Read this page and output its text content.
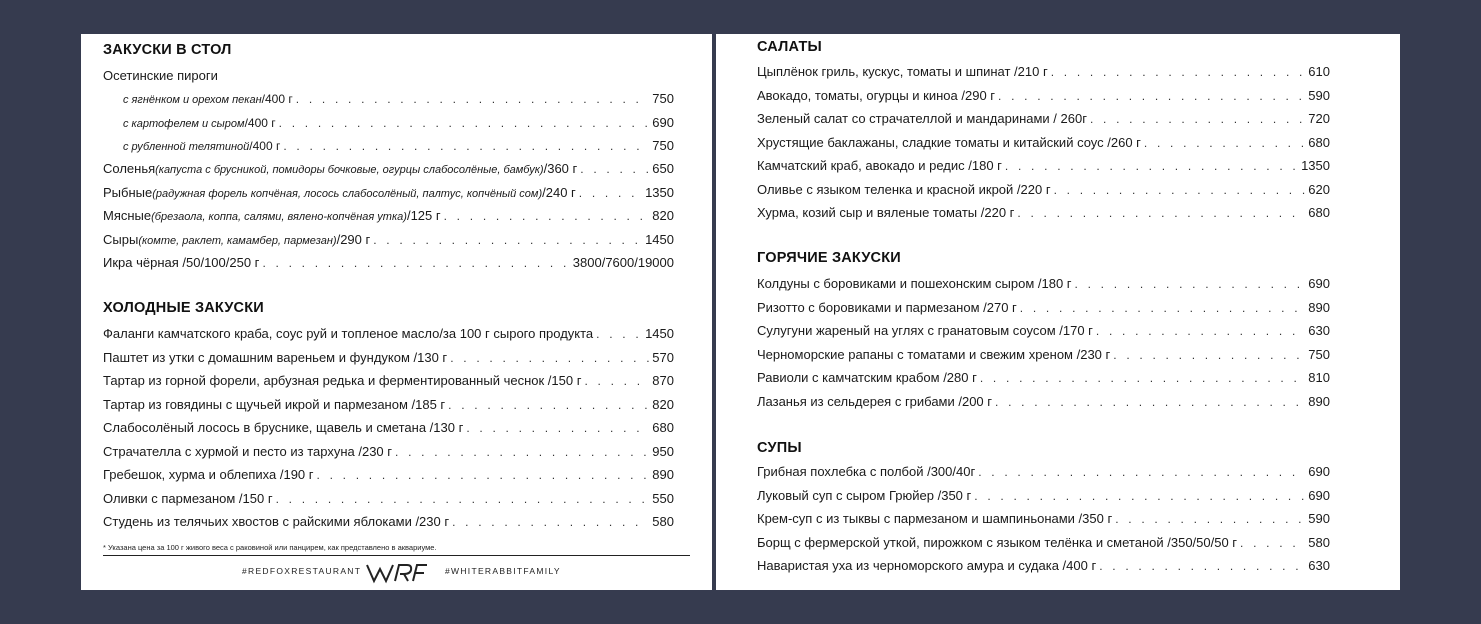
ЗАКУСКИ В СТОЛ
Осетинские пироги
с ягнёнком и орехом пекан /400 г . . .	750
с картофелем и сыром /400 г . . .	690
с рубленной телятиной /400 г . . .	750
Соленья (капуста с брусникой, помидоры бочковые, огурцы слабосолёные, бамбук) /360 г . . .	650
Рыбные (радужная форель копчёная, лосось слабосолёный, палтус, копчёный сом) /240 г . . .	1350
Мясные (брезаола, коппа, салями, вяленo-копчёная утка) /125 г . . .	820
Сыры (комте, раклет, камамбер, пармезан) /290 г . . .	1450
Икра чёрная /50/100/250 г . . .	3800/7600/19000
ХОЛОДНЫЕ ЗАКУСКИ
Фаланги камчатского краба, соус руй и топленое масло /за 100 г сырого продукта . . .	1450
Паштет из утки с домашним вареньем и фундуком /130 г . . .	570
Тартар из горной форели, арбузная редька и ферментированный чеснок /150 г . . .	870
Тартар из говядины с щучьей икрой и пармезаном /185 г . . .	820
Слабосолёный лосось в бруснике, щавель и сметана /130 г . . .	680
Страчателла с хурмой и песто из тархуна /230 г . . .	950
Гребешок, хурма и облепиха /190 г . . .	890
Оливки с пармезаном /150 г . . .	550
Студень из телячьих хвостов с райскими яблоками /230 г . . .	580
* Указана цена за 100 г живого веса с раковиной или панцирем, как представлено в аквариуме.
#REDFOXRESTAURANT	#WHITERABBITFAMILY
САЛАТЫ
Цыплёнок гриль, кускус, томаты и шпинат /210 г . . .	610
Авокадо, томаты, огурцы и киноа /290 г . . .	590
Зеленый салат со страчателлой и мандаринами / 260г . . .	720
Хрустящие баклажаны, сладкие томаты и китайский соус /260 г . . .	680
Камчатский краб, авокадо и редис /180 г . . .	1350
Оливье с языком теленка и красной икрой /220 г . . .	620
Хурма, козий сыр и вяленые томаты /220 г . . .	680
ГОРЯЧИЕ ЗАКУСКИ
Колдуны с боровиками и пошехонским сыром /180 г . . .	690
Ризотто с боровиками и пармезаном /270 г . . .	890
Сулугуни жареный на углях с гранатовым соусом /170 г . . .	630
Черноморские рапаны с томатами и свежим хреном /230 г . . .	750
Равиоли с камчатским крабом /280 г . . .	810
Лазанья из сельдерея с грибами /200 г . . .	890
СУПЫ
Грибная похлебка с полбой /300/40г . . .	690
Луковый суп с сыром Грюйер /350 г . . .	690
Крем-суп с из тыквы с пармезаном и шампиньонами /350 г . . .	590
Борщ с фермерской уткой, пирожком с языком телёнка и сметаной /350/50/50 г . . .	580
Наваристая уха из черноморского амура и судака /400 г . . .	630
